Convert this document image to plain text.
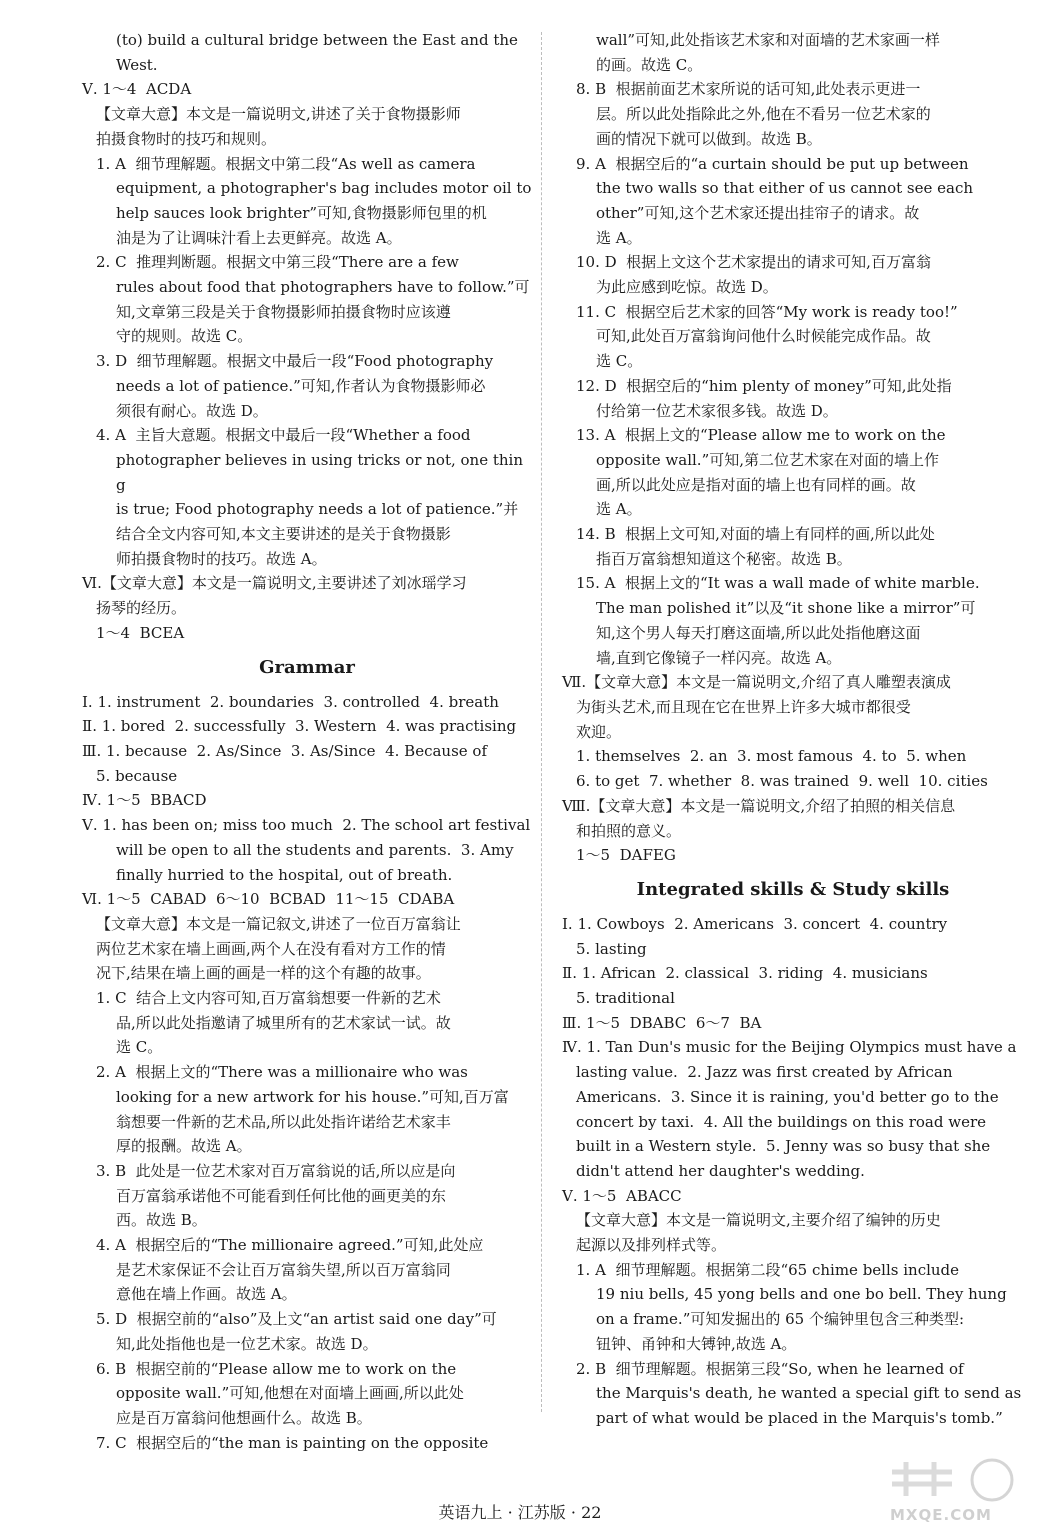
(to) build a cultural bridge between the East and the
West.
Ⅴ. 1～4  ACDA
【文章大意】本文是一篇说明文,讲述了关于食物摄影师
拍摄食物时的技巧和规则。
1. A  细节理解题。根据文中第二段“As well as camera
equipment, a photographer's bag includes motor oil to
help sauces look brighter”可知,食物摄影师包里的机
油是为了让调味汁看上去更鲜亮。故选 A。
2. C  推理判断题。根据文中第三段“There are a few
rules about food that photographers have to follow.”可
知,文章第三段是关于食物摄影师拍摄食物时应该遵
守的规则。故选 C。
3. D  细节理解题。根据文中最后一段“Food photography
needs a lot of patience.”可知,作者认为食物摄影师必
须很有耐心。故选 D。
4. A  主旨大意题。根据文中最后一段“Whether a food
photographer believes in using tricks or not, one thing
is true; Food photography needs a lot of patience.”并
结合全文内容可知,本文主要讲述的是关于食物摄影
师拍摄食物时的技巧。故选 A。
Ⅵ.【文章大意】本文是一篇说明文,主要讲述了刘冰瑶学习
扬琴的经历。
1～4  BCEA
Grammar
Ⅰ. 1. instrument  2. boundaries  3. controlled  4. breath
Ⅱ. 1. bored  2. successfully  3. Western  4. was practising
Ⅲ. 1. because  2. As/Since  3. As/Since  4. Because of
5. because
Ⅳ. 1～5  BBACD
Ⅴ. 1. has been on; miss too much  2. The school art festival
will be open to all the students and parents.  3. Amy
finally hurried to the hospital, out of breath.
Ⅵ. 1～5  CABAD  6～10  BCBAD  11～15  CDABA
【文章大意】本文是一篇记叙文,讲述了一位百万富翁让
两位艺术家在墙上画画,两个人在没有看对方工作的情
况下,结果在墙上画的画是一样的这个有趣的故事。
1. C  结合上文内容可知,百万富翁想要一件新的艺术
品,所以此处指邀请了城里所有的艺术家试一试。故
选 C。
2. A  根据上文的“There was a millionaire who was
looking for a new artwork for his house.”可知,百万富
翁想要一件新的艺术品,所以此处指许诺给艺术家丰
厚的报酬。故选 A。
3. B  此处是一位艺术家对百万富翁说的话,所以应是向
百万富翁承诺他不可能看到任何比他的画更美的东
西。故选 B。
4. A  根据空后的“The millionaire agreed.”可知,此处应
是艺术家保证不会让百万富翁失望,所以百万富翁同
意他在墙上作画。故选 A。
5. D  根据空前的“also”及上文“an artist said one day”可
知,此处指他也是一位艺术家。故选 D。
6. B  根据空前的“Please allow me to work on the
opposite wall.”可知,他想在对面墙上画画,所以此处
应是百万富翁问他想画什么。故选 B。
7. C  根据空后的“the man is painting on the opposite
wall”可知,此处指该艺术家和对面墙的艺术家画一样
的画。故选 C。
8. B  根据前面艺术家所说的话可知,此处表示更进一
层。所以此处指除此之外,他在不看另一位艺术家的
画的情况下就可以做到。故选 B。
9. A  根据空后的“a curtain should be put up between
the two walls so that either of us cannot see each
other”可知,这个艺术家还提出挂帘子的请求。故
选 A。
10. D  根据上文这个艺术家提出的请求可知,百万富翁
为此应感到吃惊。故选 D。
11. C  根据空后艺术家的回答“My work is ready too!”
可知,此处百万富翁询问他什么时候能完成作品。故
选 C。
12. D  根据空后的“him plenty of money”可知,此处指
付给第一位艺术家很多钱。故选 D。
13. A  根据上文的“Please allow me to work on the
opposite wall.”可知,第二位艺术家在对面的墙上作
画,所以此处应是指对面的墙上也有同样的画。故
选 A。
14. B  根据上文可知,对面的墙上有同样的画,所以此处
指百万富翁想知道这个秘密。故选 B。
15. A  根据上文的“It was a wall made of white marble.
The man polished it”以及“it shone like a mirror”可
知,这个男人每天打磨这面墙,所以此处指他磨这面
墙,直到它像镜子一样闪亮。故选 A。
Ⅶ.【文章大意】本文是一篇说明文,介绍了真人雕塑表演成
为街头艺术,而且现在它在世界上许多大城市都很受
欢迎。
1. themselves  2. an  3. most famous  4. to  5. when
6. to get  7. whether  8. was trained  9. well  10. cities
Ⅷ.【文章大意】本文是一篇说明文,介绍了拍照的相关信息
和拍照的意义。
1～5  DAFEG
Integrated skills & Study skills
Ⅰ. 1. Cowboys  2. Americans  3. concert  4. country
5. lasting
Ⅱ. 1. African  2. classical  3. riding  4. musicians
5. traditional
Ⅲ. 1～5  DBABC  6～7  BA
Ⅳ. 1. Tan Dun's music for the Beijing Olympics must have a
lasting value.  2. Jazz was first created by African
Americans.  3. Since it is raining, you'd better go to the
concert by taxi.  4. All the buildings on this road were
built in a Western style.  5. Jenny was so busy that she
didn't attend her daughter's wedding.
Ⅴ. 1～5  ABACC
【文章大意】本文是一篇说明文,主要介绍了编钟的历史
起源以及排列样式等。
1. A  细节理解题。根据第二段“65 chime bells include
19 niu bells, 45 yong bells and one bo bell. They hung
on a frame.”可知发掘出的 65 个编钟里包含三种类型:
钮钟、甬钟和大镈钟,故选 A。
2. B  细节理解题。根据第三段“So, when he learned of
the Marquis's death, he wanted a special gift to send as
part of what would be placed in the Marquis's tomb.”
英语九上 · 江苏版 · 22	MXQE.COM
